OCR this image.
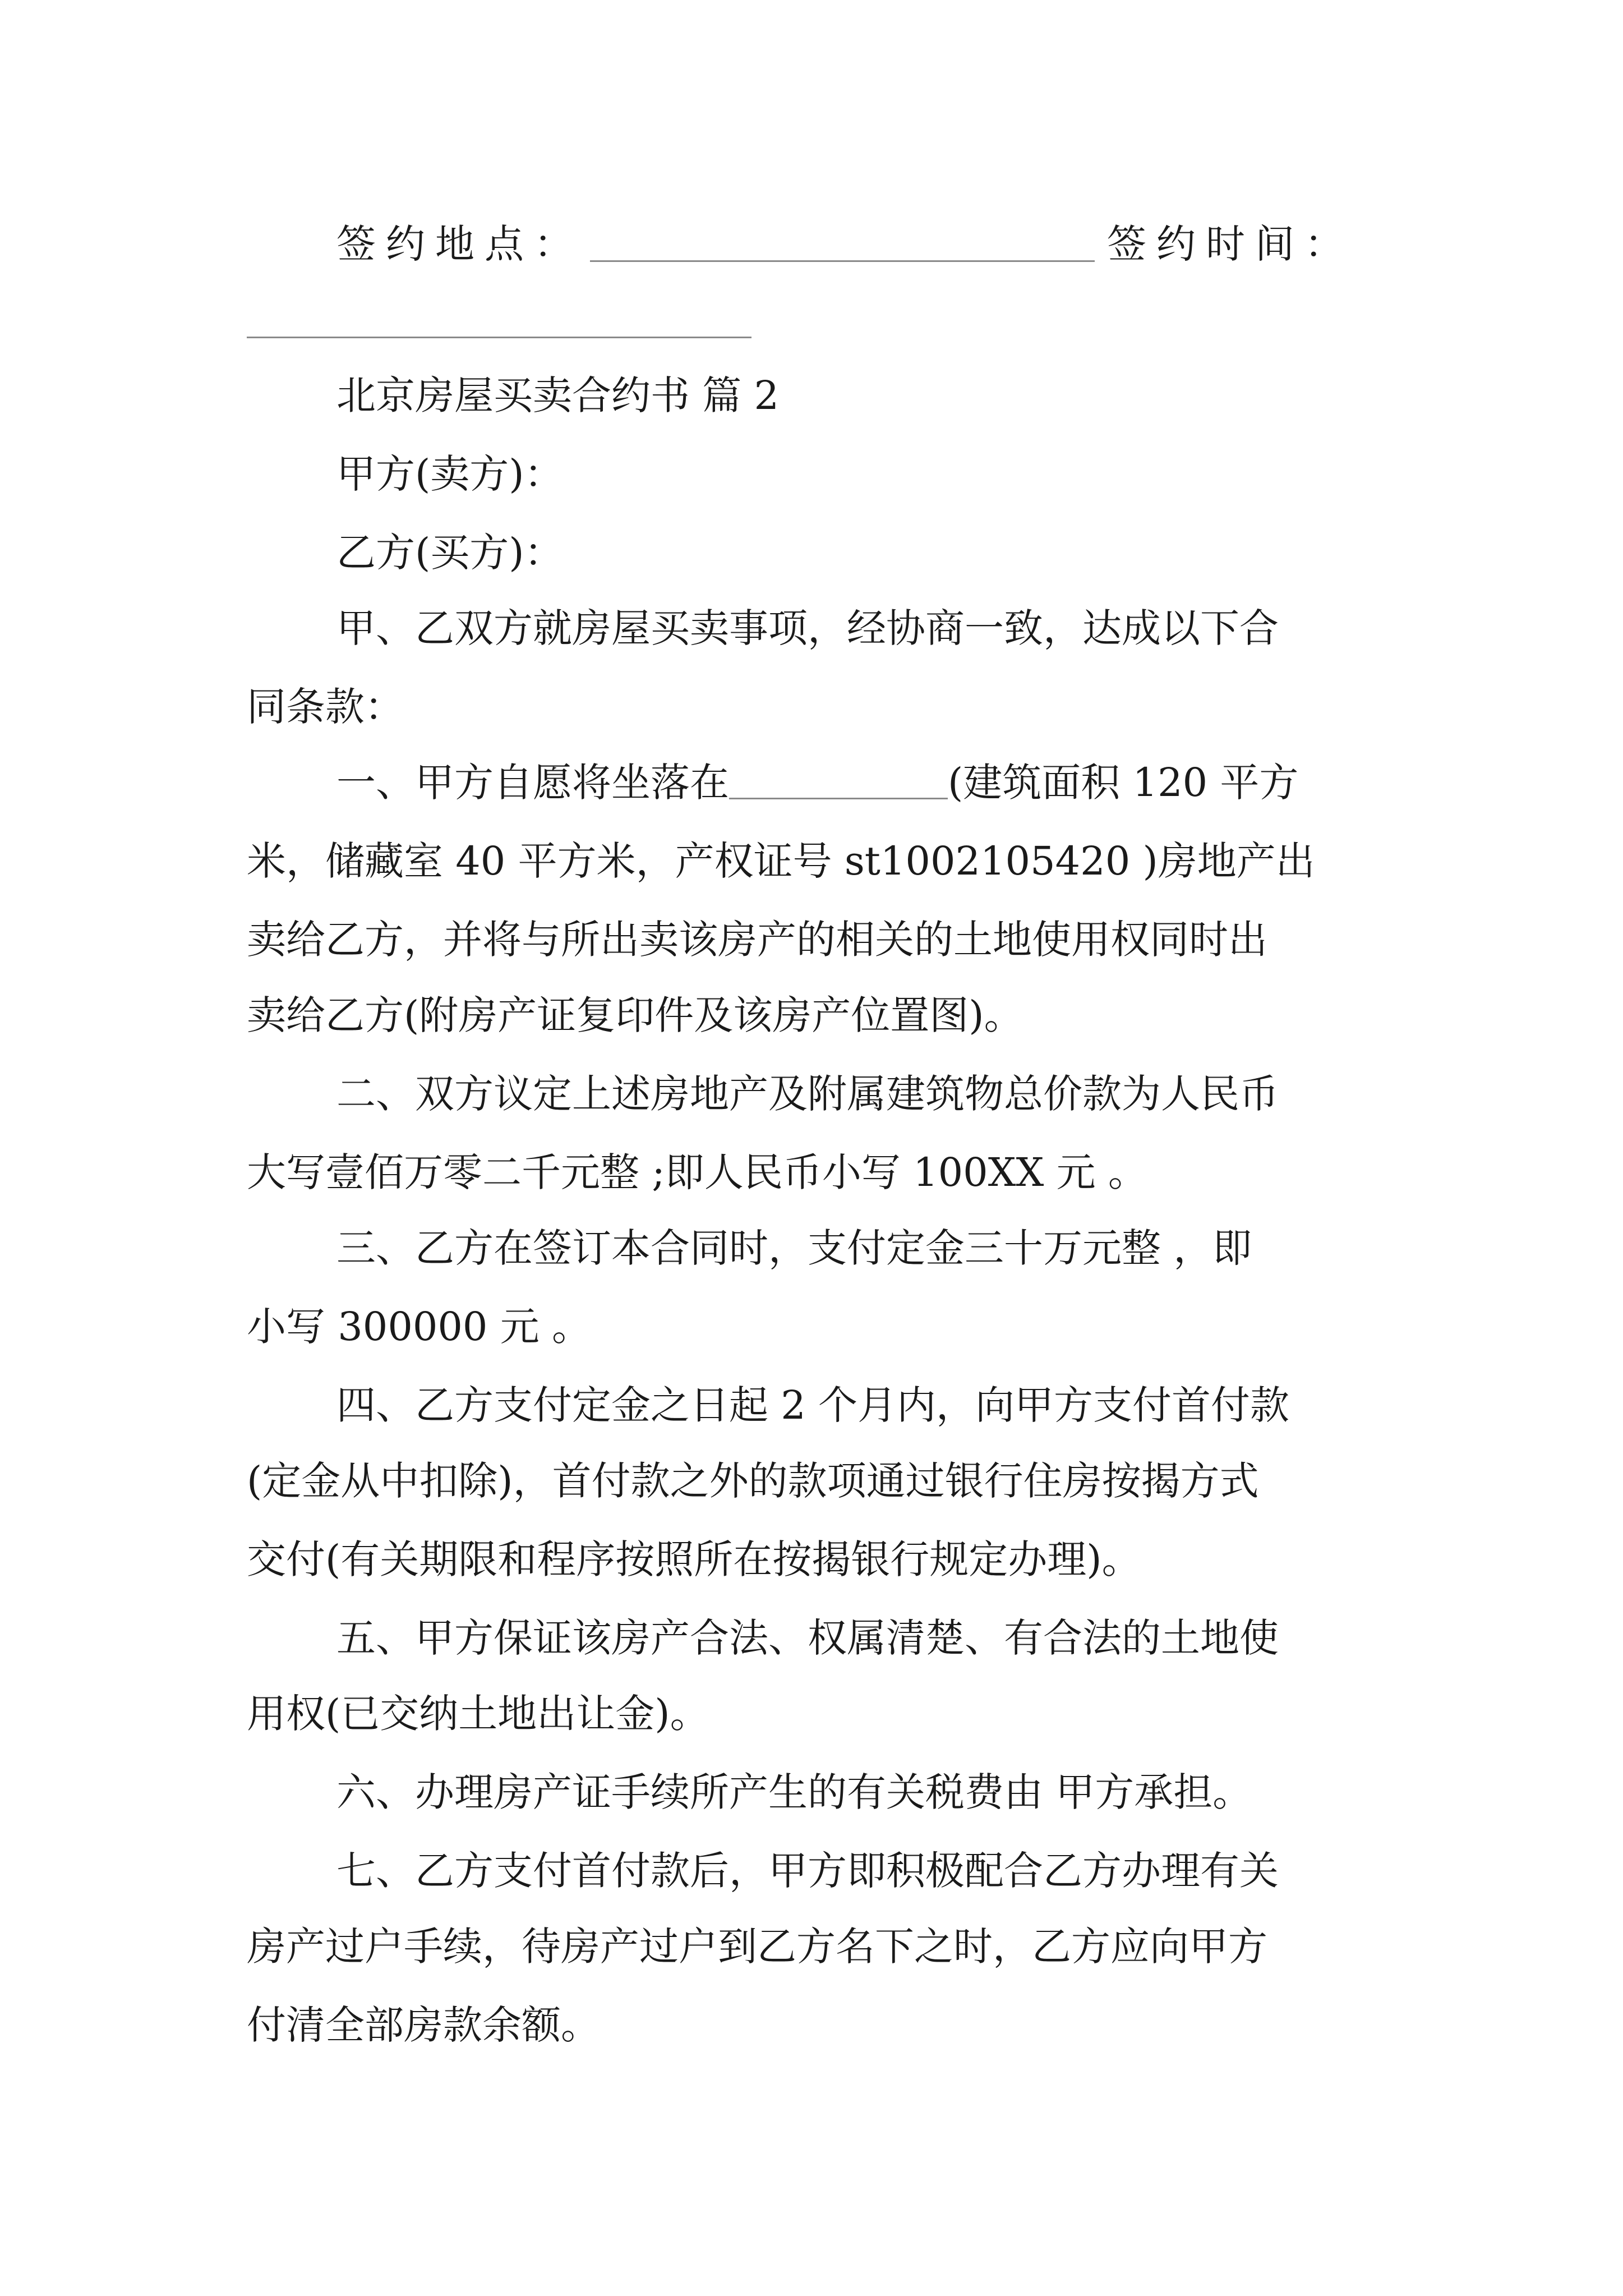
签约地点：	签约时间：
北京房屋买卖合约书 篇 2
甲方(卖方)：
乙方(买方)：
甲、乙双方就房屋买卖事项，经协商一致，达成以下合
同条款：
一、甲方自愿将坐落在	(建筑面积 120 平方
米，储藏室 40 平方米，产权证号 st1002105420 )房地产出
卖给乙方，并将与所出卖该房产的相关的土地使用权同时出
卖给乙方(附房产证复印件及该房产位置图)。
二、双方议定上述房地产及附属建筑物总价款为人民币
大写壹佰万零二千元整 ;即人民币小写 100XX 元 。
三、乙方在签订本合同时，支付定金三十万元整 ，即
小写 300000 元 。
四、乙方支付定金之日起 2 个月内，向甲方支付首付款
(定金从中扣除)，首付款之外的款项通过银行住房按揭方式
交付(有关期限和程序按照所在按揭银行规定办理)。
五、甲方保证该房产合法、权属清楚、有合法的土地使
用权(已交纳土地出让金)。
六、办理房产证手续所产生的有关税费由 甲方承担。
七、乙方支付首付款后，甲方即积极配合乙方办理有关
房产过户手续，待房产过户到乙方名下之时，乙方应向甲方
付清全部房款余额。
